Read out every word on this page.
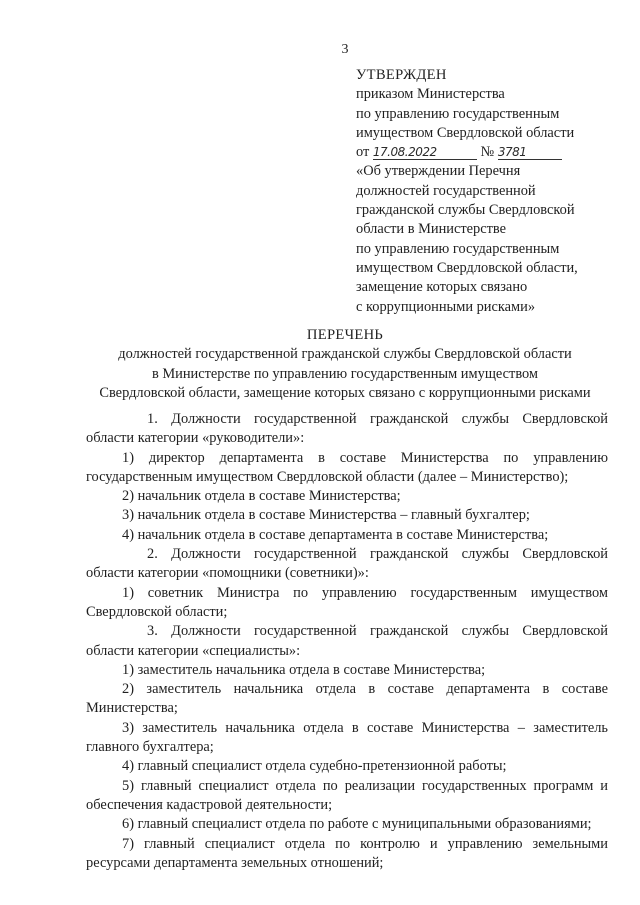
3
УТВЕРЖДЕН
приказом Министерства
по управлению государственным
имуществом Свердловской области
от 17.08.2022	№ 3781
«Об утверждении Перечня
должностей государственной
гражданской службы Свердловской
области в Министерстве
по управлению государственным
имуществом Свердловской области,
замещение которых связано
с коррупционными рисками»
ПЕРЕЧЕНЬ
должностей государственной гражданской службы Свердловской области
в Министерстве по управлению государственным имуществом
Свердловской области, замещение которых связано с коррупционными рисками

1. Должности государственной гражданской службы Свердловской области категории «руководители»:

1) директор департамента в составе Министерства по управлению государственным имуществом Свердловской области (далее – Министерство);

2) начальник отдела в составе Министерства;

3) начальник отдела в составе Министерства – главный бухгалтер;

4) начальник отдела в составе департамента в составе Министерства;

2. Должности государственной гражданской службы Свердловской области категории «помощники (советники)»:

1) советник Министра по управлению государственным имуществом Свердловской области;

3. Должности государственной гражданской службы Свердловской области категории «специалисты»:

1) заместитель начальника отдела в составе Министерства;

2) заместитель начальника отдела в составе департамента в составе Министерства;

3) заместитель начальника отдела в составе Министерства – заместитель главного бухгалтера;

4) главный специалист отдела судебно-претензионной работы;

5) главный специалист отдела по реализации государственных программ и обеспечения кадастровой деятельности;

6) главный специалист отдела по работе с муниципальными образованиями;

7) главный специалист отдела по контролю и управлению земельными ресурсами департамента земельных отношений;
